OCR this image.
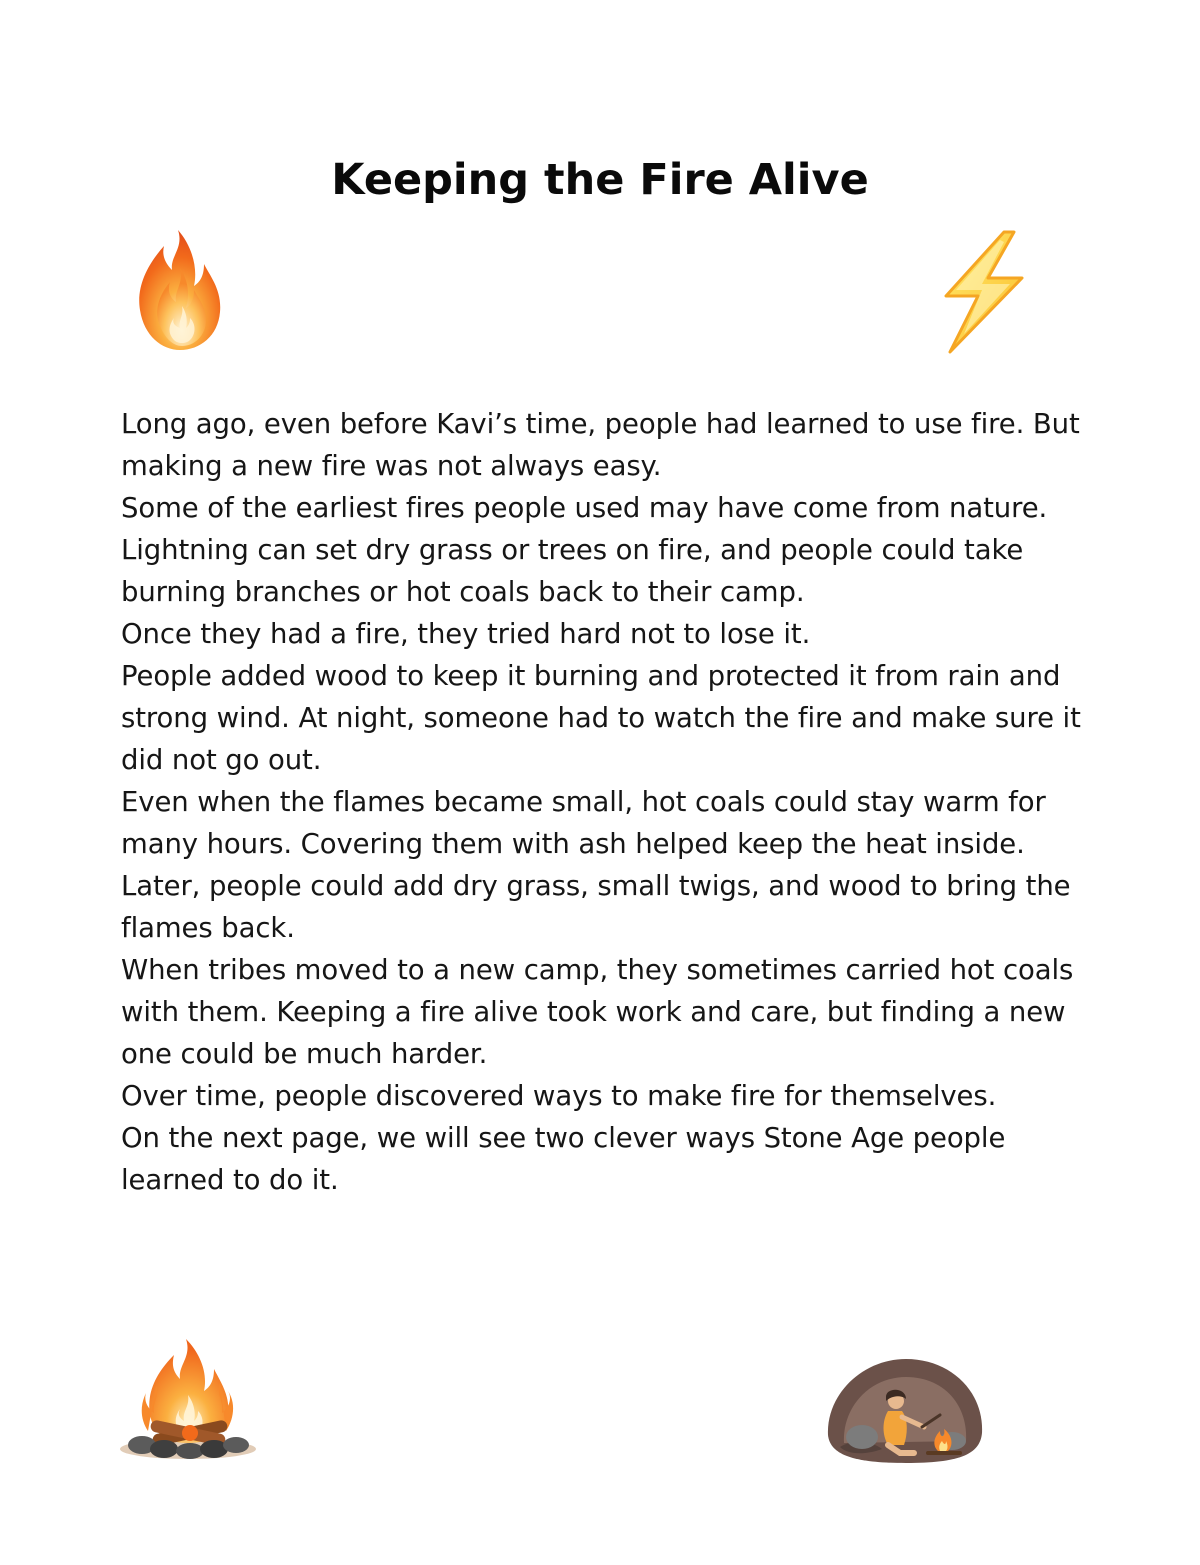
Keeping the Fire Alive

Long ago, even before Kavi’s time, people had learned to use fire. But making a new fire was not always easy.

Some of the earliest fires people used may have come from nature. Lightning can set dry grass or trees on fire, and people could take burning branches or hot coals back to their camp.

Once they had a fire, they tried hard not to lose it.

People added wood to keep it burning and protected it from rain and strong wind. At night, someone had to watch the fire and make sure it did not go out.

Even when the flames became small, hot coals could stay warm for many hours. Covering them with ash helped keep the heat inside. Later, people could add dry grass, small twigs, and wood to bring the flames back.

When tribes moved to a new camp, they sometimes carried hot coals with them. Keeping a fire alive took work and care, but finding a new one could be much harder.

Over time, people discovered ways to make fire for themselves.

On the next page, we will see two clever ways Stone Age people learned to do it.
